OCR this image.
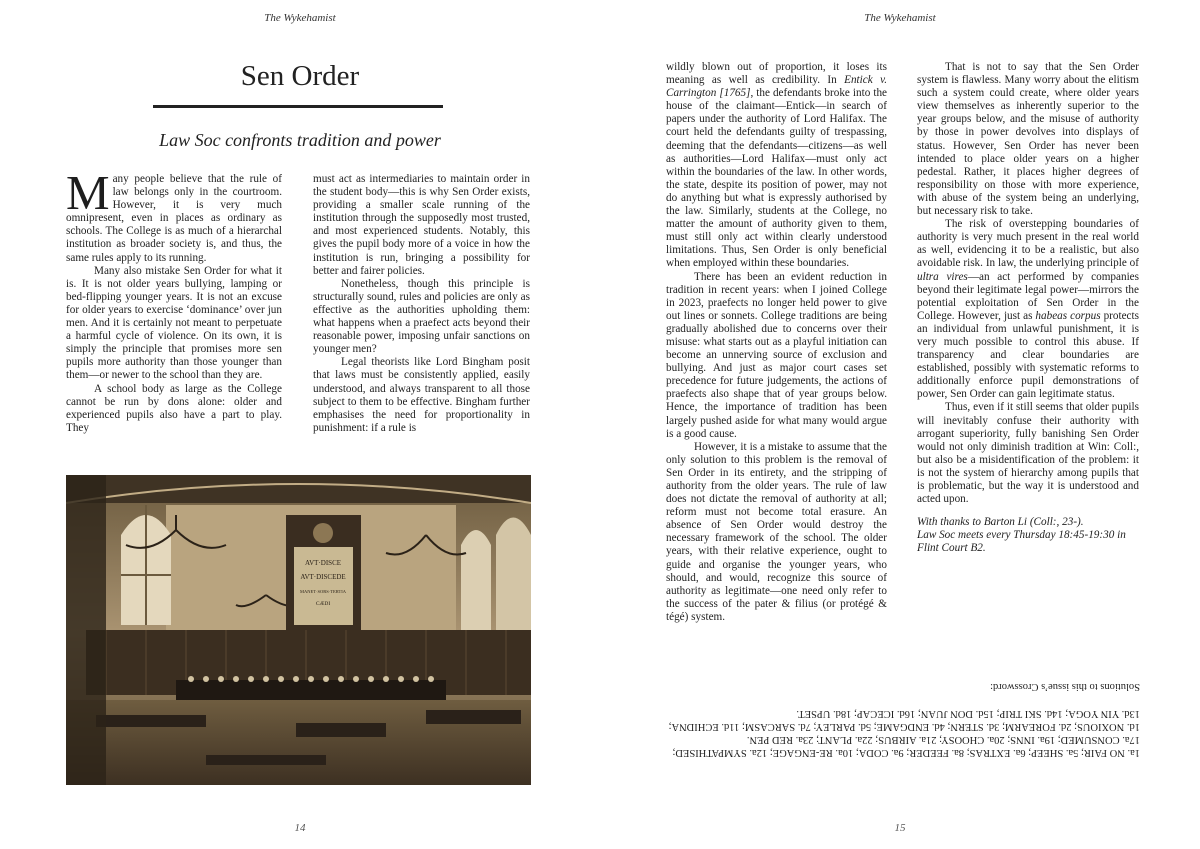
The Wykehamist
Sen Order
Law Soc confronts tradition and power

Many people believe that the rule of law belongs only in the courtroom. However, it is very much omnipresent, even in places as ordinary as schools. The College is as much of a hierarchal institution as broader society is, and thus, the same rules apply to its running.

Many also mistake Sen Order for what it is. It is not older years bullying, lamping or bed-flipping younger years. It is not an excuse for older years to exercise ‘dominance’ over jun men. And it is certainly not meant to perpetuate a harmful cycle of violence. On its own, it is simply the principle that promises more sen pupils more authority than those younger than them—or newer to the school than they are.

A school body as large as the College cannot be run by dons alone: older and experienced pupils also have a part to play. They

must act as intermediaries to maintain order in the student body—this is why Sen Order exists, providing a smaller scale running of the institution through the supposedly most trusted, and most experienced students. Notably, this gives the pupil body more of a voice in how the institution is run, bringing a possibility for better and fairer policies.

Nonetheless, though this principle is structurally sound, rules and policies are only as effective as the authorities upholding them: what happens when a praefect acts beyond their reasonable power, imposing unfair sanctions on younger men?

Legal theorists like Lord Bingham posit that laws must be consistently applied, easily understood, and always transparent to all those subject to them to be effective. Bingham further emphasises the need for proportionality in punishment: if a rule is

AVT·DISCE
AVT·DISCEDE
MANET·SORS·TERTIA
CÆDI
14
The Wykehamist
15

wildly blown out of proportion, it loses its meaning as well as credibility. In Entick v. Carrington [1765], the defendants broke into the house of the claimant—Entick—in search of papers under the authority of Lord Halifax. The court held the defendants guilty of trespassing, deeming that the defendants—citizens—as well as authorities—Lord Halifax—must only act within the boundaries of the law. In other words, the state, despite its position of power, may not do anything but what is expressly authorised by the law. Similarly, students at the College, no matter the amount of authority given to them, must still only act within clearly understood limitations. Thus, Sen Order is only beneficial when employed within these boundaries.

There has been an evident reduction in tradition in recent years: when I joined College in 2023, praefects no longer held power to give out lines or sonnets. College traditions are being gradually abolished due to concerns over their misuse: what starts out as a playful initiation can become an unnerving source of exclusion and bullying. And just as major court cases set precedence for future judgements, the actions of praefects also shape that of year groups below. Hence, the importance of tradition has been largely pushed aside for what many would argue is a good cause.

However, it is a mistake to assume that the only solution to this problem is the removal of Sen Order in its entirety, and the stripping of authority from the older years. The rule of law does not dictate the removal of authority at all; reform must not become total erasure. An absence of Sen Order would destroy the necessary framework of the school. The older years, with their relative experience, ought to guide and organise the younger years, who should, and would, recognize this source of authority as legitimate—one need only refer to the success of the pater & filius (or protégé & tégé) system.

That is not to say that the Sen Order system is flawless. Many worry about the elitism such a system could create, where older years view themselves as inherently superior to the year groups below, and the misuse of authority by those in power devolves into displays of status. However, Sen Order has never been intended to place older years on a higher pedestal. Rather, it places higher degrees of responsibility on those with more experience, with abuse of the system being an underlying, but necessary risk to take.

The risk of overstepping boundaries of authority is very much present in the real world as well, evidencing it to be a realistic, but also avoidable risk. In law, the underlying principle of ultra vires—an act performed by companies beyond their legitimate legal power—mirrors the potential exploitation of Sen Order in the College. However, just as habeas corpus protects an individual from unlawful punishment, it is very much possible to control this abuse. If transparency and clear boundaries are established, possibly with systematic reforms to additionally enforce pupil demonstrations of power, Sen Order can gain legitimate status.

Thus, even if it still seems that older pupils will inevitably confuse their authority with arrogant superiority, fully banishing Sen Order would not only diminish tradition at Win: Coll:, but also be a misidentification of the problem: it is not the system of hierarchy among pupils that is problematic, but the way it is understood and acted upon.

With thanks to Barton Li (Coll:, 23-).
Law Soc meets every Thursday 18:45-19:30 in Flint Court B2.

1a. NO FAIR; 5a. SHEEP; 6a. EXTRAS; 8a. FEEDER; 9a. CODA; 10a. RE-ENGAGE; 12a. SYMPATHISED;
17a. CONSUMED; 19a. INNS; 20a. CHOOSY; 21a. AIRBUS; 22a. PLANT; 23a. RED PEN.
1d. NOXIOUS; 2d. FOREARM; 3d. STERN; 4d. ENDGAME; 5d. PARLEY; 7d. SARCASM; 11d. ECHIDNA; 13d. YIN YOGA; 14d. SKI TRIP; 15d. DON JUAN; 16d. ICECAP; 18d. UPSET.
Solutions to this issue’s Crossword:
